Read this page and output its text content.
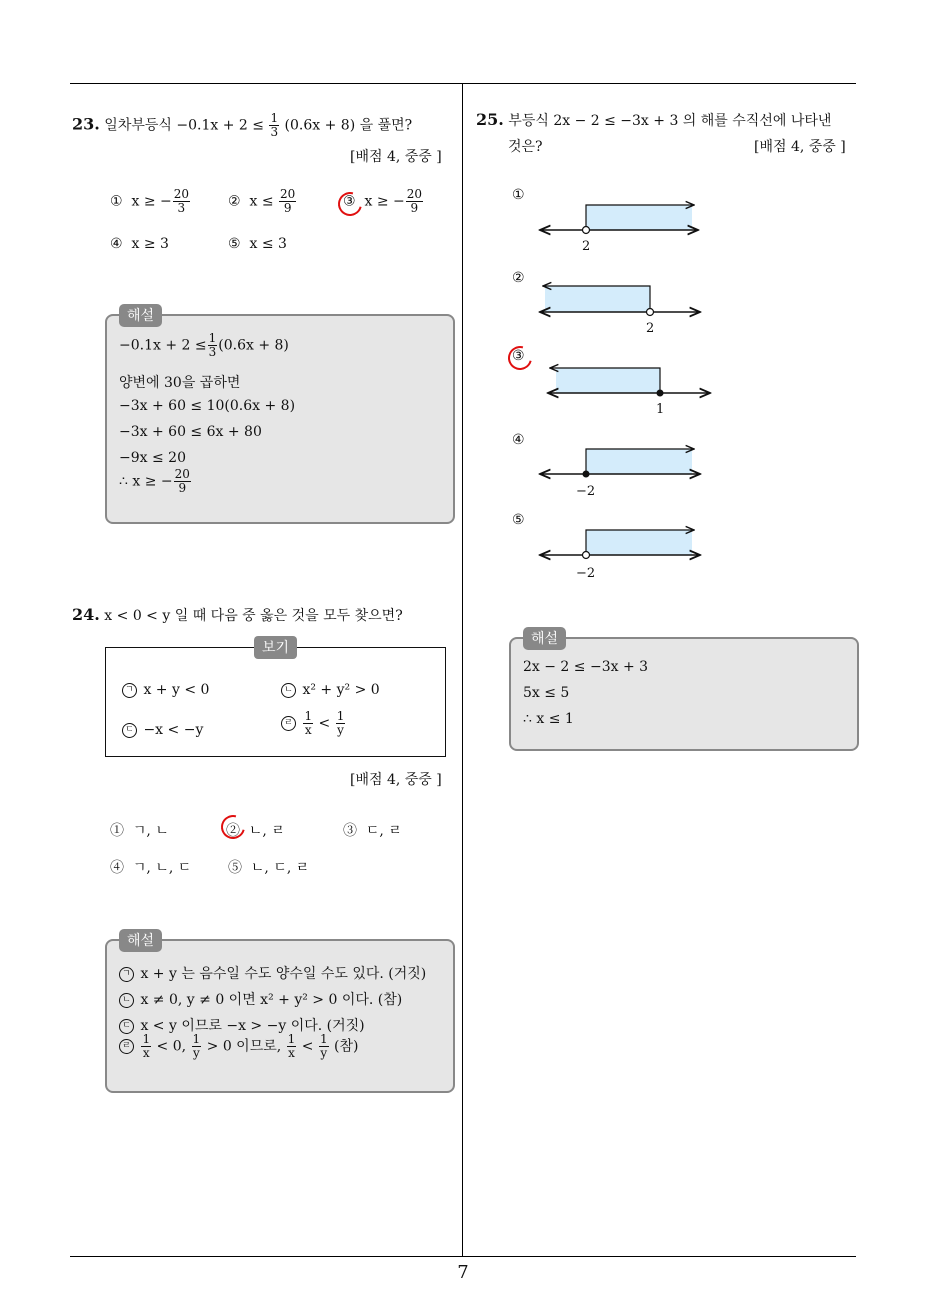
23. 일차부등식 $-0.1x + 2 \le \frac{1}{3} (0.6x + 8)$ 을 풀면?
[배점 4, 중중 ]
① x ≥ − $\frac{20}{3}$	② $x \le \frac{20}{9}$	③ x ≥ − $\frac{20}{9}$
④ x ≥ 3	⑤ x ≤ 3
해설
$-0.1x + 2 \le \frac{1}{3} (0.6x + 8)$
양변에 30을 곱하면
−3x + 60 ≤ 10(0.6x + 8)
−3x + 60 ≤ 6x + 80
−9x ≤ 20
∴ x ≥ − $\frac{20}{9}$
24. x < 0 < y 일 때 다음 중 옳은 것을 모두 찾으면?
보기
ㄱ x + y < 0	ㄴ x² + y² > 0
ㄷ −x < −y	ㄹ $\frac{1}{x} < \frac{1}{y}$
[배점 4, 중중 ]
① ㄱ, ㄴ	② ㄴ, ㄹ	③ ㄷ, ㄹ
④ ㄱ, ㄴ, ㄷ	⑤ ㄴ, ㄷ, ㄹ
해설
ㄱ x + y 는 음수일 수도 양수일 수도 있다. (거짓)
ㄴ x ≠ 0, y ≠ 0 이면 x² + y² > 0 이다. (참)
ㄷ x < y 이므로 −x > −y 이다. (거짓)
ㄹ $\frac{1}{x} < 0$, $\frac{1}{y} > 0$ 이므로, $\frac{1}{x} < \frac{1}{y}$ (참)
25. 부등식 2x − 2 ≤ −3x + 3 의 해를 수직선에 나타낸
것은?	[배점 4, 중중 ]
①
②
③
④
⑤
2
2
1
−2
−2
해설
2x − 2 ≤ −3x + 3
5x ≤ 5
∴ x ≤ 1
7
